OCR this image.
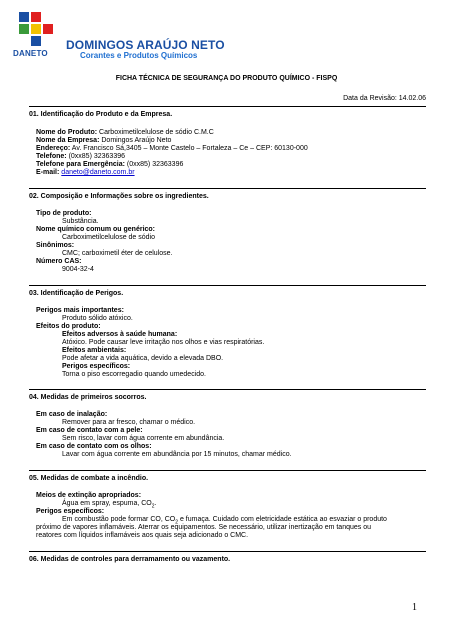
DANETO
DOMINGOS ARAÚJO NETO
Corantes e Produtos Químicos
FICHA TÉCNICA DE SEGURANÇA DO PRODUTO QUÍMICO - FISPQ
Data da Revisão: 14.02.06
01. Identificação do Produto e da Empresa.
Nome do Produto: Carboximetilcelulose de sódio C.M.C
Nome da Empresa: Domingos Araújo Neto
Endereço: Av. Francisco Sá,3405 – Monte Castelo – Fortaleza – Ce – CEP: 60130-000
Telefone: (0xx85) 32363396
Telefone para Emergência: (0xx85) 32363396
E-mail: daneto@daneto.com.br
02. Composição e Informações sobre os ingredientes.
Tipo de produto:
Substância.
Nome químico comum ou genérico:
Carboximetilcelulose de sódio
Sinônimos:
CMC; carboximetil éter de celulose.
Número CAS:
9004-32-4
03. Identificação de Perigos.
Perigos mais importantes:
Produto sólido atóxico.
Efeitos do produto:
Efeitos adversos à saúde humana:
Atóxico. Pode causar leve irritação nos olhos e vias respiratórias.
Efeitos ambientais:
Pode afetar a vida aquática, devido a elevada DBO.
Perigos específicos:
Torna o piso escorregadio quando umedecido.
04. Medidas de primeiros socorros.
Em caso de inalação:
Remover para ar fresco, chamar o médico.
Em caso de contato com a pele:
Sem risco, lavar com água corrente em abundância.
Em caso de contato com os olhos:
Lavar com água corrente em abundância por 15 minutos, chamar médico.
05. Medidas de combate a incêndio.
Meios de extinção apropriados:
Água em spray, espuma, $CO_2$.
Perigos específicos:
Em combustão pode formar CO, $CO_2$ e fumaça. Cuidado com eletricidade estática ao esvaziar o produto
próximo de vapores inflamáveis. Aterrar os equipamentos. Se necessário, utilizar inertização em tanques ou
reatores com líquidos inflamáveis aos quais seja adicionado o CMC.
06. Medidas de controles para derramamento ou vazamento.
1
